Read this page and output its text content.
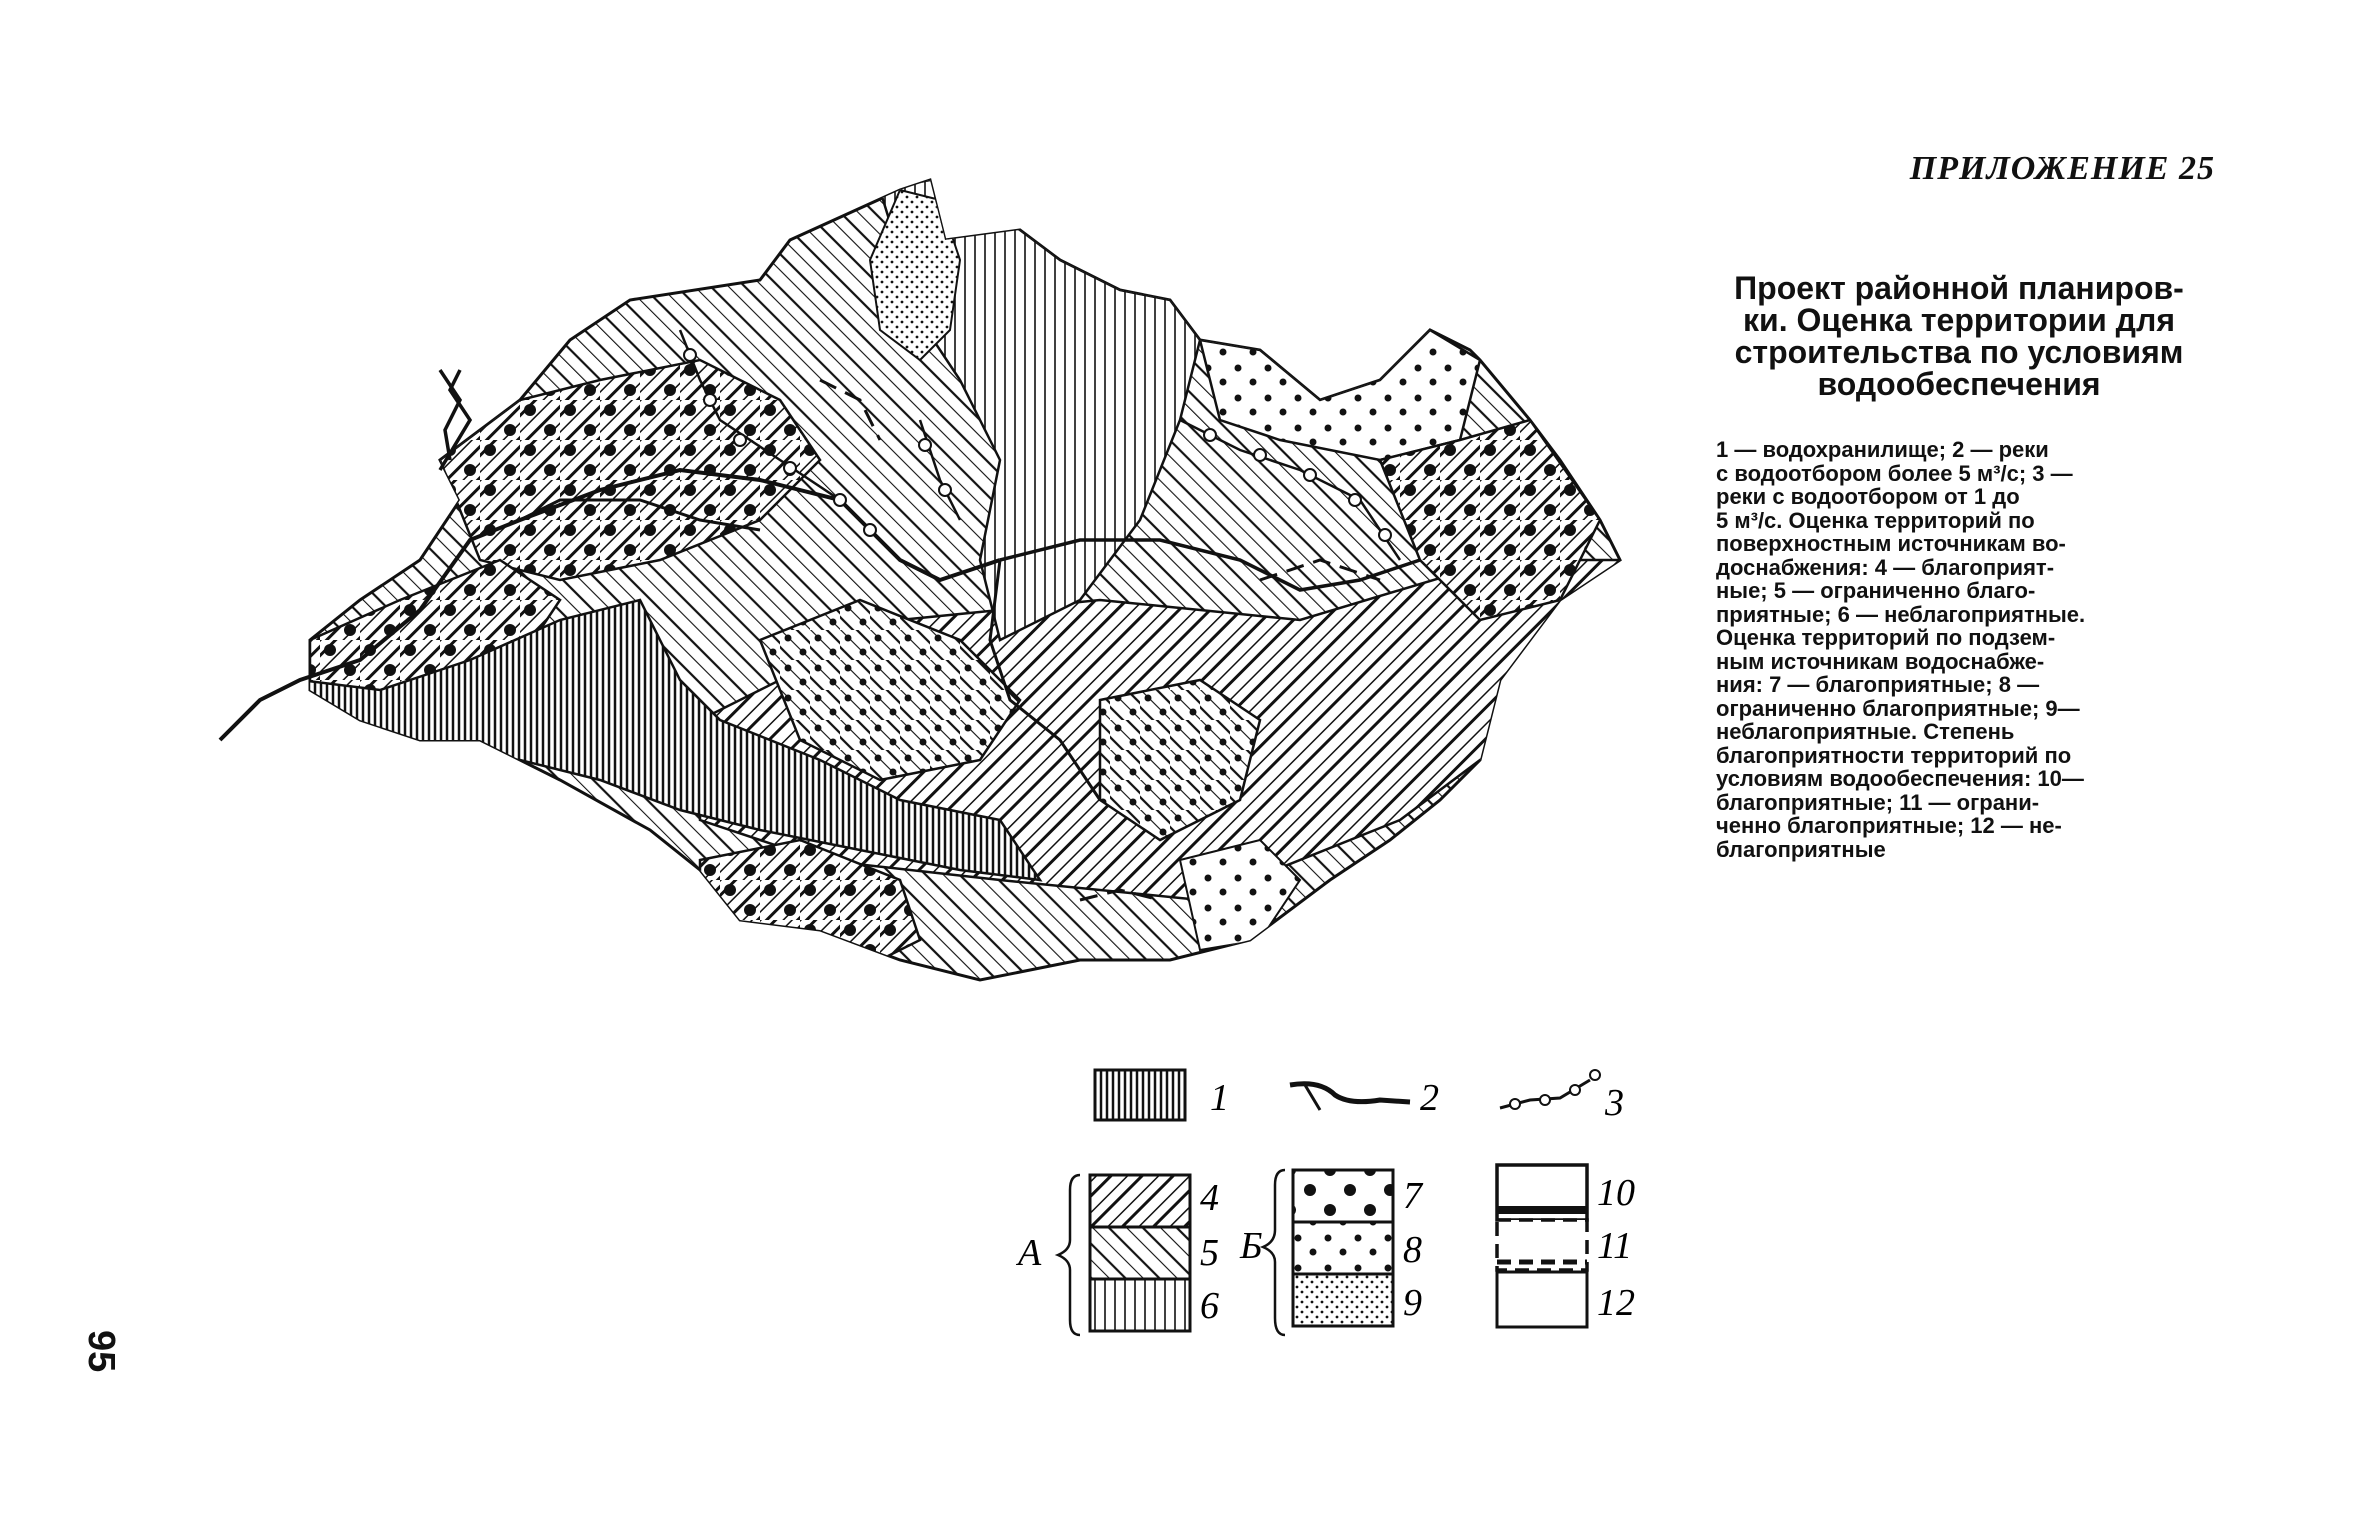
ПРИЛОЖЕНИЕ 25
Проект районной планиров-
ки. Оценка территории для
строительства по условиям
водообеспечения
1 — водохранилище; 2 — реки
с водоотбором более 5 м³/с; 3 —
реки с водоотбором от 1 до
5 м³/с. Оценка территорий по
поверхностным источникам во-
доснабжения: 4 — благоприят-
ные; 5 — ограниченно благо-
приятные; 6 — неблагоприятные.
Оценка территорий по подзем-
ным источникам водоснабже-
ния: 7 — благоприятные; 8 —
ограниченно благоприятные; 9—
неблагоприятные. Степень
благоприятности территорий по
условиям водообеспечения: 10—
благоприятные; 11 — ограни-
ченно благоприятные; 12 — не-
благоприятные
95
1	2	3
А
4
5
6
Б
7
8
9
10
11
12
